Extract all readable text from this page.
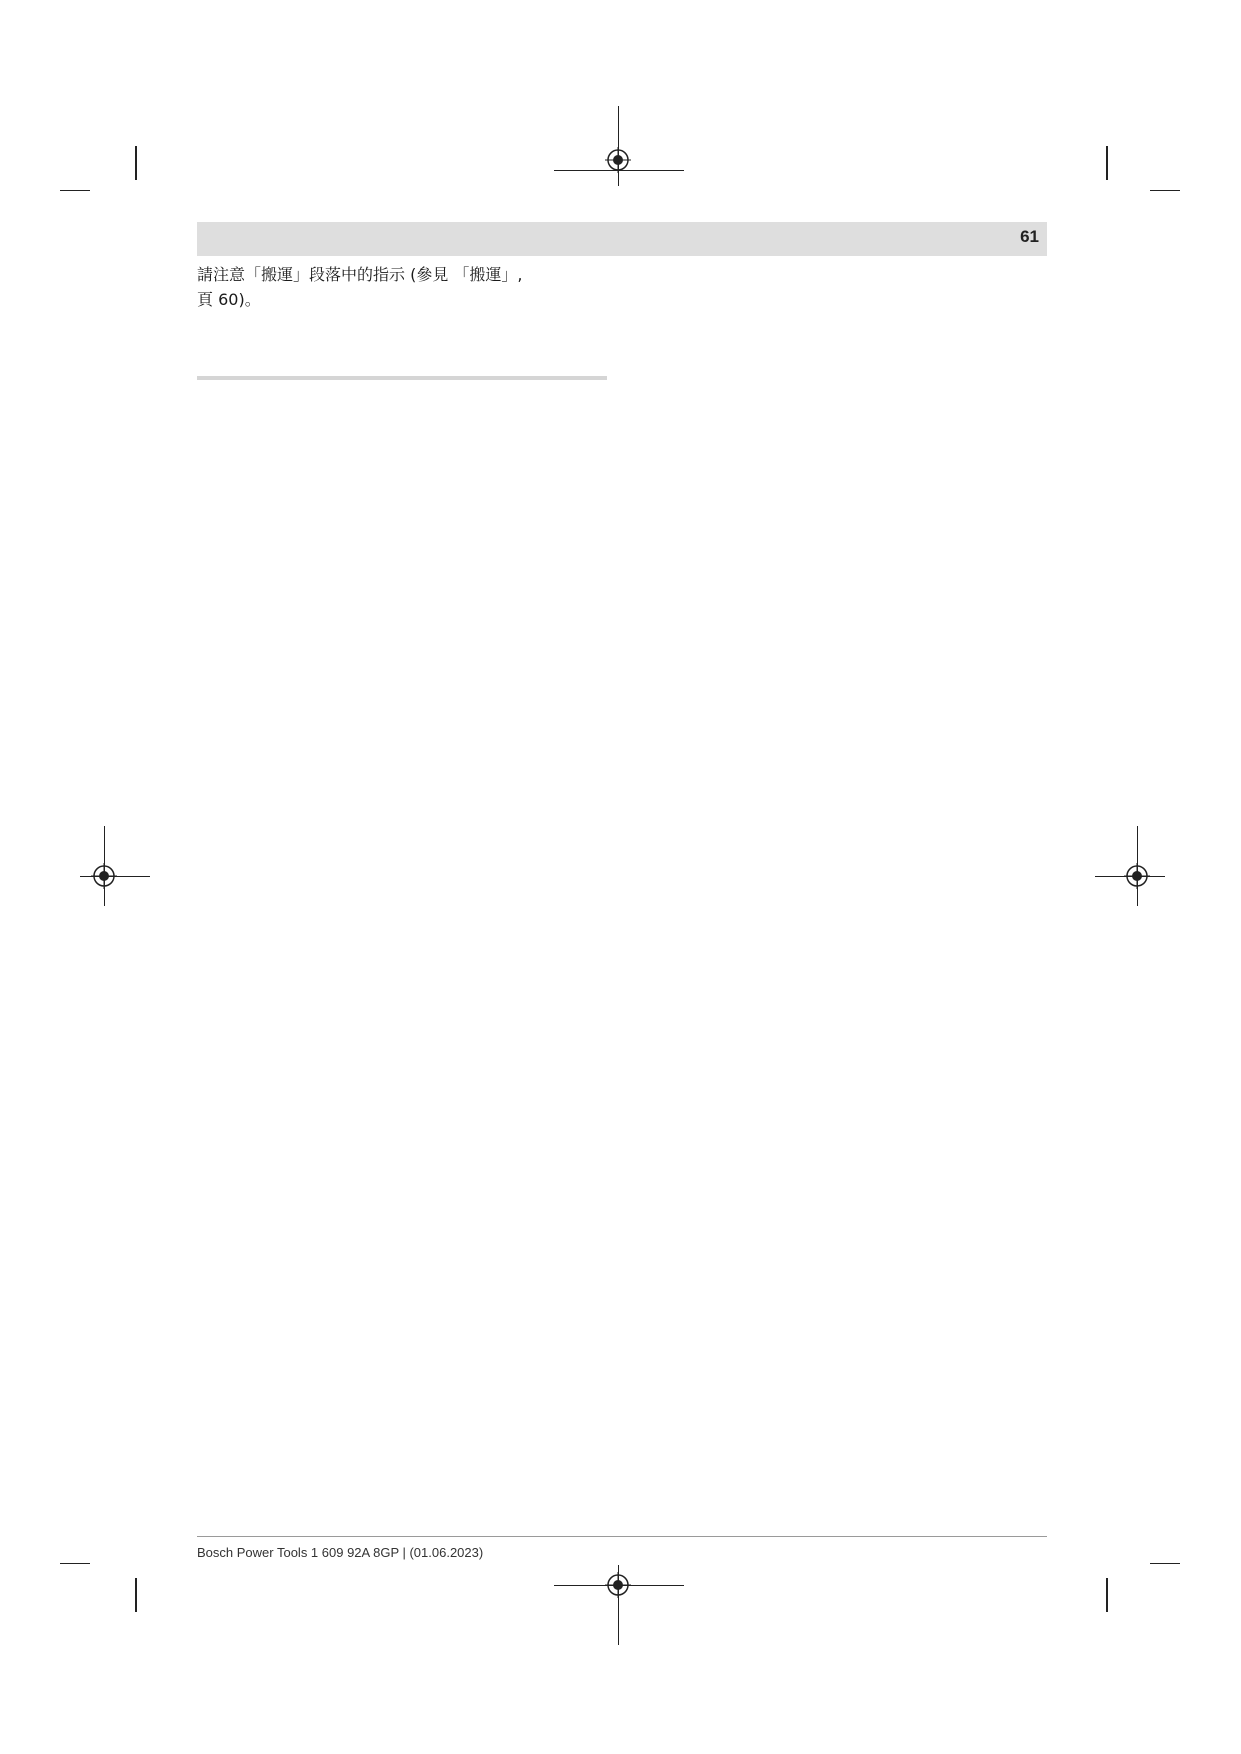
61

請注意「搬運」段落中的指示 (參見 「搬運」,
頁 60)。

Bosch Power Tools 1 609 92A 8GP | (01.06.2023)
